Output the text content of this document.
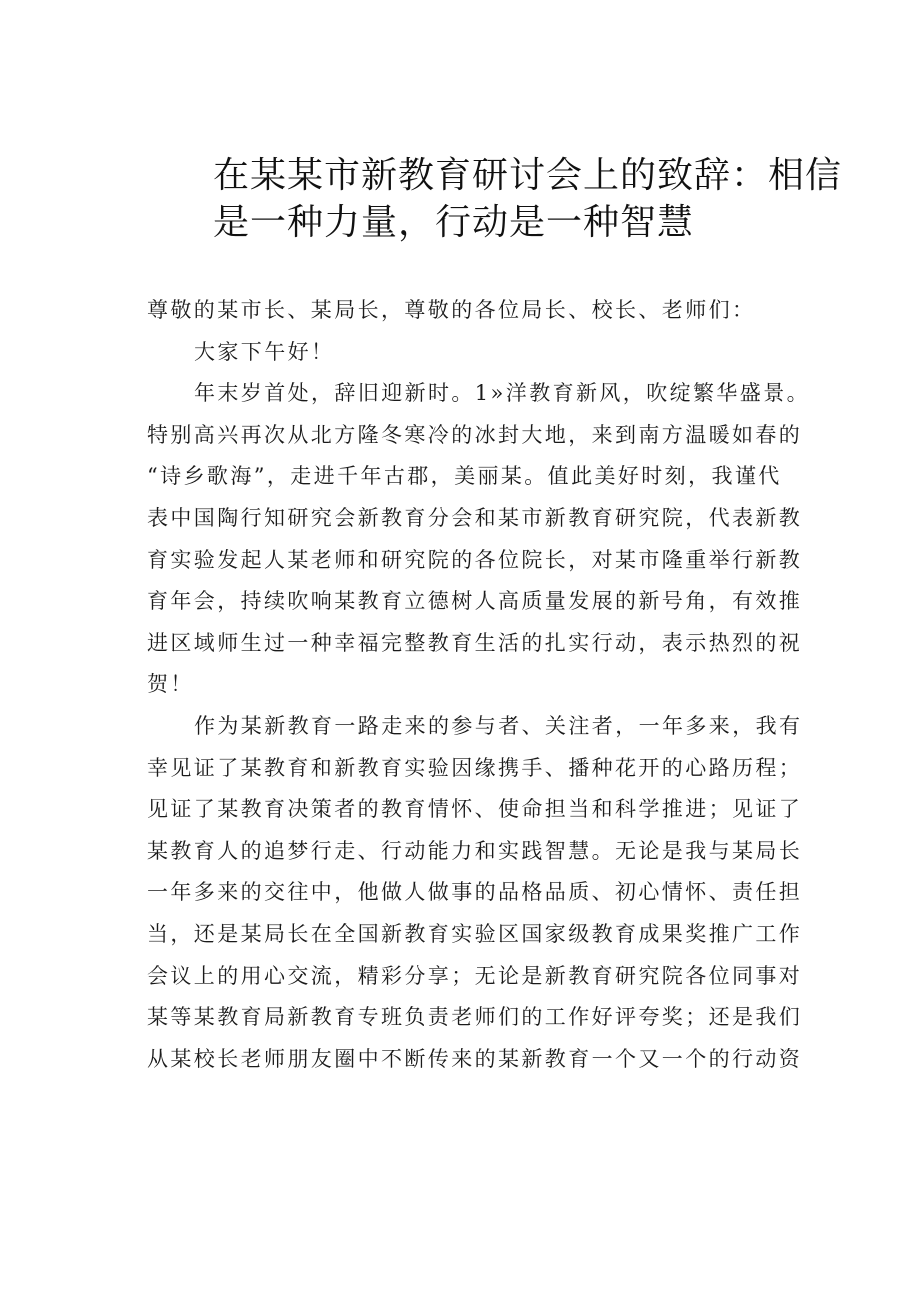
在某某市新教育研讨会上的致辞：相信
是一种力量，行动是一种智慧

尊敬的某市长、某局长，尊敬的各位局长、校长、老师们：

大家下午好！

年末岁首处，辞旧迎新时。1»洋教育新风，吹绽繁华盛景。
特别高兴再次从北方隆冬寒冷的冰封大地，来到南方温暖如春的
“诗乡歌海”，走进千年古郡，美丽某。值此美好时刻，我谨代
表中国陶行知研究会新教育分会和某市新教育研究院，代表新教
育实验发起人某老师和研究院的各位院长，对某市隆重举行新教
育年会，持续吹响某教育立德树人高质量发展的新号角，有效推
进区域师生过一种幸福完整教育生活的扎实行动，表示热烈的祝
贺！

作为某新教育一路走来的参与者、关注者，一年多来，我有
幸见证了某教育和新教育实验因缘携手、播种花开的心路历程；
见证了某教育决策者的教育情怀、使命担当和科学推进；见证了
某教育人的追梦行走、行动能力和实践智慧。无论是我与某局长
一年多来的交往中，他做人做事的品格品质、初心情怀、责任担
当，还是某局长在全国新教育实验区国家级教育成果奖推广工作
会议上的用心交流，精彩分享；无论是新教育研究院各位同事对
某等某教育局新教育专班负责老师们的工作好评夸奖；还是我们
从某校长老师朋友圈中不断传来的某新教育一个又一个的行动资
